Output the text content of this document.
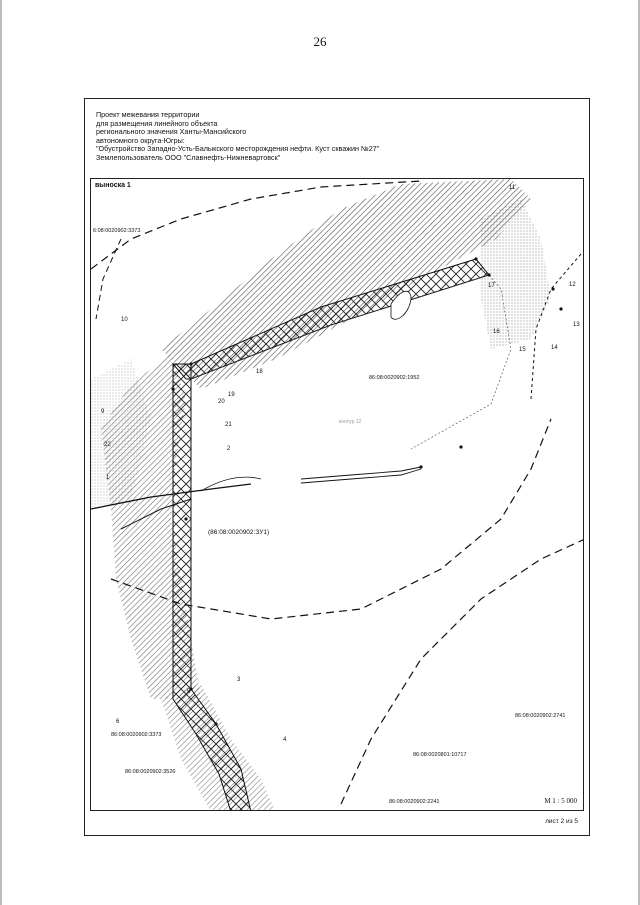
26
Проект межевания территории
для размещения линейного объекта
регионального значения Ханты-Мансийского
автономного округа-Югры:
"Обустройство Западно-Усть-Балыкского месторождения нефти. Куст скважин №27"
Землепользователь ООО "Славнефть-Нижневартовск"
выноска 1
6:08:0020902:3373
86:08:0020902:1952
86:08:0020902:2741
86:08:0020902:3373
86:08:0020902:3526
86:08:0020801:10717
86:08:0020902:2241
(86:08:0020902:ЗУ1)
контур 12
1
2
3
4
5
6
9
10
11
12
13
14
15
16
17
18
19
20
21
22
М 1 : 5 000
лист 2 из 5
